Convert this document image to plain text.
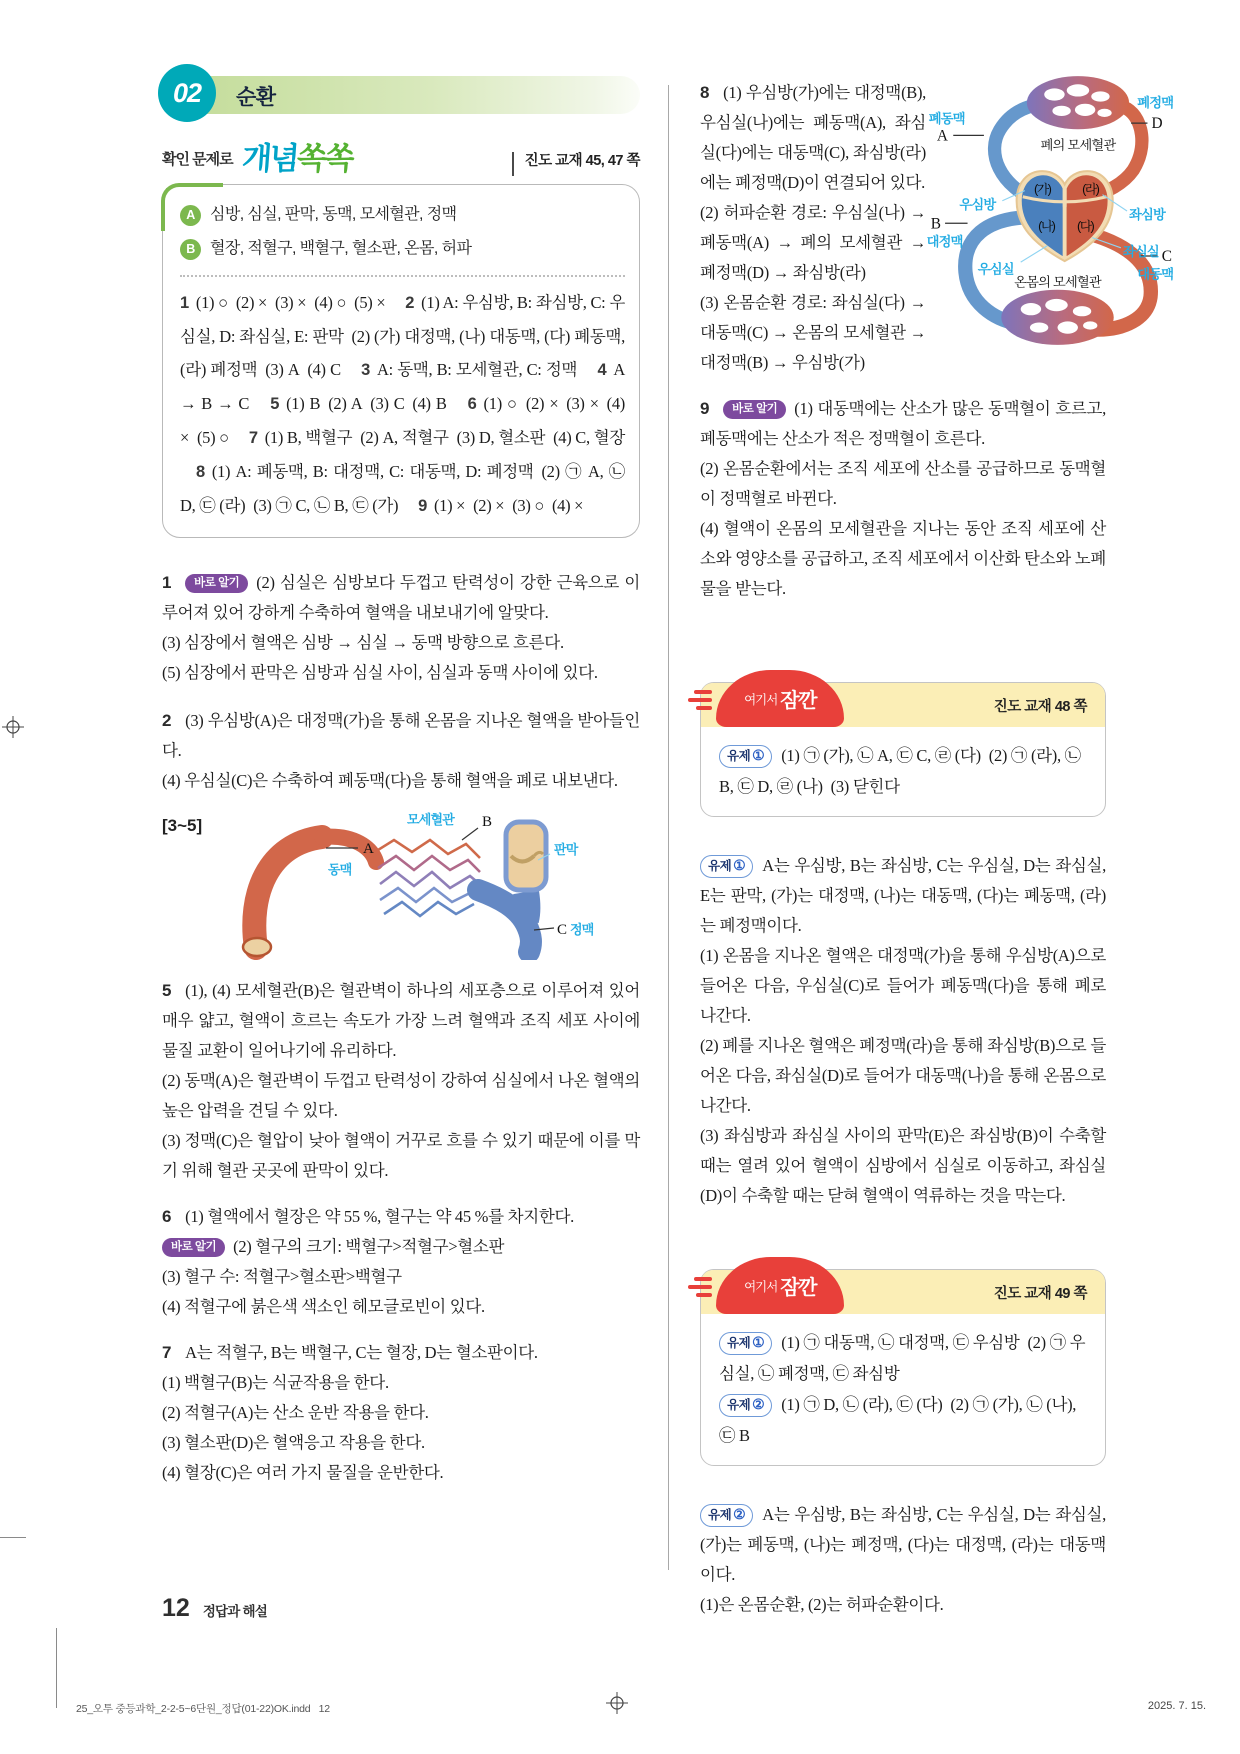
02 순환
확인 문제로 개념쏙쏙	진도 교재 45, 47 쪽
A 심방, 심실, 판막, 동맥, 모세혈관, 정맥
B 혈장, 적혈구, 백혈구, 혈소판, 온몸, 허파

1 (1) ○ (2) × (3) × (4) ○ (5) × 2 (1) A: 우심방, B: 좌심방, C: 우심실, D: 좌심실, E: 판막 (2) (가) 대정맥, (나) 대동맥, (다) 폐동맥, (라) 폐정맥 (3) A (4) C 3 A: 동맥, B: 모세혈관, C: 정맥 4 A → B → C 5 (1) B (2) A (3) C (4) B 6 (1) ○ (2) × (3) × (4) × (5) ○ 7 (1) B, 백혈구 (2) A, 적혈구 (3) D, 혈소판 (4) C, 혈장 8 (1) A: 폐동맥, B: 대정맥, C: 대동맥, D: 폐정맥 (2) ㉠ A, ㉡ D, ㉢ (라) (3) ㉠ C, ㉡ B, ㉢ (가) 9 (1) × (2) × (3) ○ (4) ×

1 바로 알기 (2) 심실은 심방보다 두껍고 탄력성이 강한 근육으로 이루어져 있어 강하게 수축하여 혈액을 내보내기에 알맞다.

(3) 심장에서 혈액은 심방 → 심실 → 동맥 방향으로 흐른다.

(5) 심장에서 판막은 심방과 심실 사이, 심실과 동맥 사이에 있다.

2 (3) 우심방(A)은 대정맥(가)을 통해 온몸을 지나온 혈액을 받아들인다.

(4) 우심실(C)은 수축하여 폐동맥(다)을 통해 혈액을 폐로 내보낸다.

[3~5]
A
동맥
B
모세혈관
판막
C 정맥

5 (1), (4) 모세혈관(B)은 혈관벽이 하나의 세포층으로 이루어져 있어 매우 얇고, 혈액이 흐르는 속도가 가장 느려 혈액과 조직 세포 사이에 물질 교환이 일어나기에 유리하다.

(2) 동맥(A)은 혈관벽이 두껍고 탄력성이 강하여 심실에서 나온 혈액의 높은 압력을 견딜 수 있다.

(3) 정맥(C)은 혈압이 낮아 혈액이 거꾸로 흐를 수 있기 때문에 이를 막기 위해 혈관 곳곳에 판막이 있다.

6 (1) 혈액에서 혈장은 약 55 %, 혈구는 약 45 %를 차지한다.

바로 알기 (2) 혈구의 크기: 백혈구>적혈구>혈소판

(3) 혈구 수: 적혈구>혈소판>백혈구

(4) 적혈구에 붉은색 색소인 헤모글로빈이 있다.

7 A는 적혈구, B는 백혈구, C는 혈장, D는 혈소판이다.

(1) 백혈구(B)는 식균작용을 한다.

(2) 적혈구(A)는 산소 운반 작용을 한다.

(3) 혈소판(D)은 혈액응고 작용을 한다.

(4) 혈장(C)은 여러 가지 물질을 운반한다.

8 (1) 우심방(가)에는 대정맥(B), 우심실(나)에는 폐동맥(A), 좌심실(다)에는 대동맥(C), 좌심방(라)에는 폐정맥(D)이 연결되어 있다.

(2) 허파순환 경로: 우심실(나) → 폐동맥(A) → 폐의 모세혈관 → 폐정맥(D) → 좌심방(라)

(3) 온몸순환 경로: 좌심실(다) → 대동맥(C) → 온몸의 모세혈관 → 대정맥(B) → 우심방(가)

(가)	(라)
(나) (다)
폐동맥
A
폐의 모세혈관
폐정맥
D
B
대정맥
C
대동맥
우심방
우심실
좌심방
좌심실
온몸의 모세혈관

9 바로 알기 (1) 대동맥에는 산소가 많은 동맥혈이 흐르고, 폐동맥에는 산소가 적은 정맥혈이 흐른다.

(2) 온몸순환에서는 조직 세포에 산소를 공급하므로 동맥혈이 정맥혈로 바뀐다.

(4) 혈액이 온몸의 모세혈관을 지나는 동안 조직 세포에 산소와 영양소를 공급하고, 조직 세포에서 이산화 탄소와 노폐물을 받는다.

여기서 잠깐	진도 교재 48 쪽

유제 ① (1) ㉠ (가), ㉡ A, ㉢ C, ㉣ (다) (2) ㉠ (라), ㉡ B, ㉢ D, ㉣ (나) (3) 닫힌다

유제 ① A는 우심방, B는 좌심방, C는 우심실, D는 좌심실, E는 판막, (가)는 대정맥, (나)는 대동맥, (다)는 폐동맥, (라)는 폐정맥이다.

(1) 온몸을 지나온 혈액은 대정맥(가)을 통해 우심방(A)으로 들어온 다음, 우심실(C)로 들어가 폐동맥(다)을 통해 폐로 나간다.

(2) 폐를 지나온 혈액은 폐정맥(라)을 통해 좌심방(B)으로 들어온 다음, 좌심실(D)로 들어가 대동맥(나)을 통해 온몸으로 나간다.

(3) 좌심방과 좌심실 사이의 판막(E)은 좌심방(B)이 수축할 때는 열려 있어 혈액이 심방에서 심실로 이동하고, 좌심실(D)이 수축할 때는 닫혀 혈액이 역류하는 것을 막는다.

여기서 잠깐	진도 교재 49 쪽

유제 ① (1) ㉠ 대동맥, ㉡ 대정맥, ㉢ 우심방 (2) ㉠ 우심실, ㉡ 폐정맥, ㉢ 좌심방

유제 ② (1) ㉠ D, ㉡ (라), ㉢ (다) (2) ㉠ (가), ㉡ (나), ㉢ B

유제 ② A는 우심방, B는 좌심방, C는 우심실, D는 좌심실, (가)는 폐동맥, (나)는 폐정맥, (다)는 대정맥, (라)는 대동맥이다.

(1)은 온몸순환, (2)는 허파순환이다.

12 정답과 해설
25_오투 중등과학_2-2-5~6단원_정답(01-22)OK.indd   12	2025. 7. 15.
